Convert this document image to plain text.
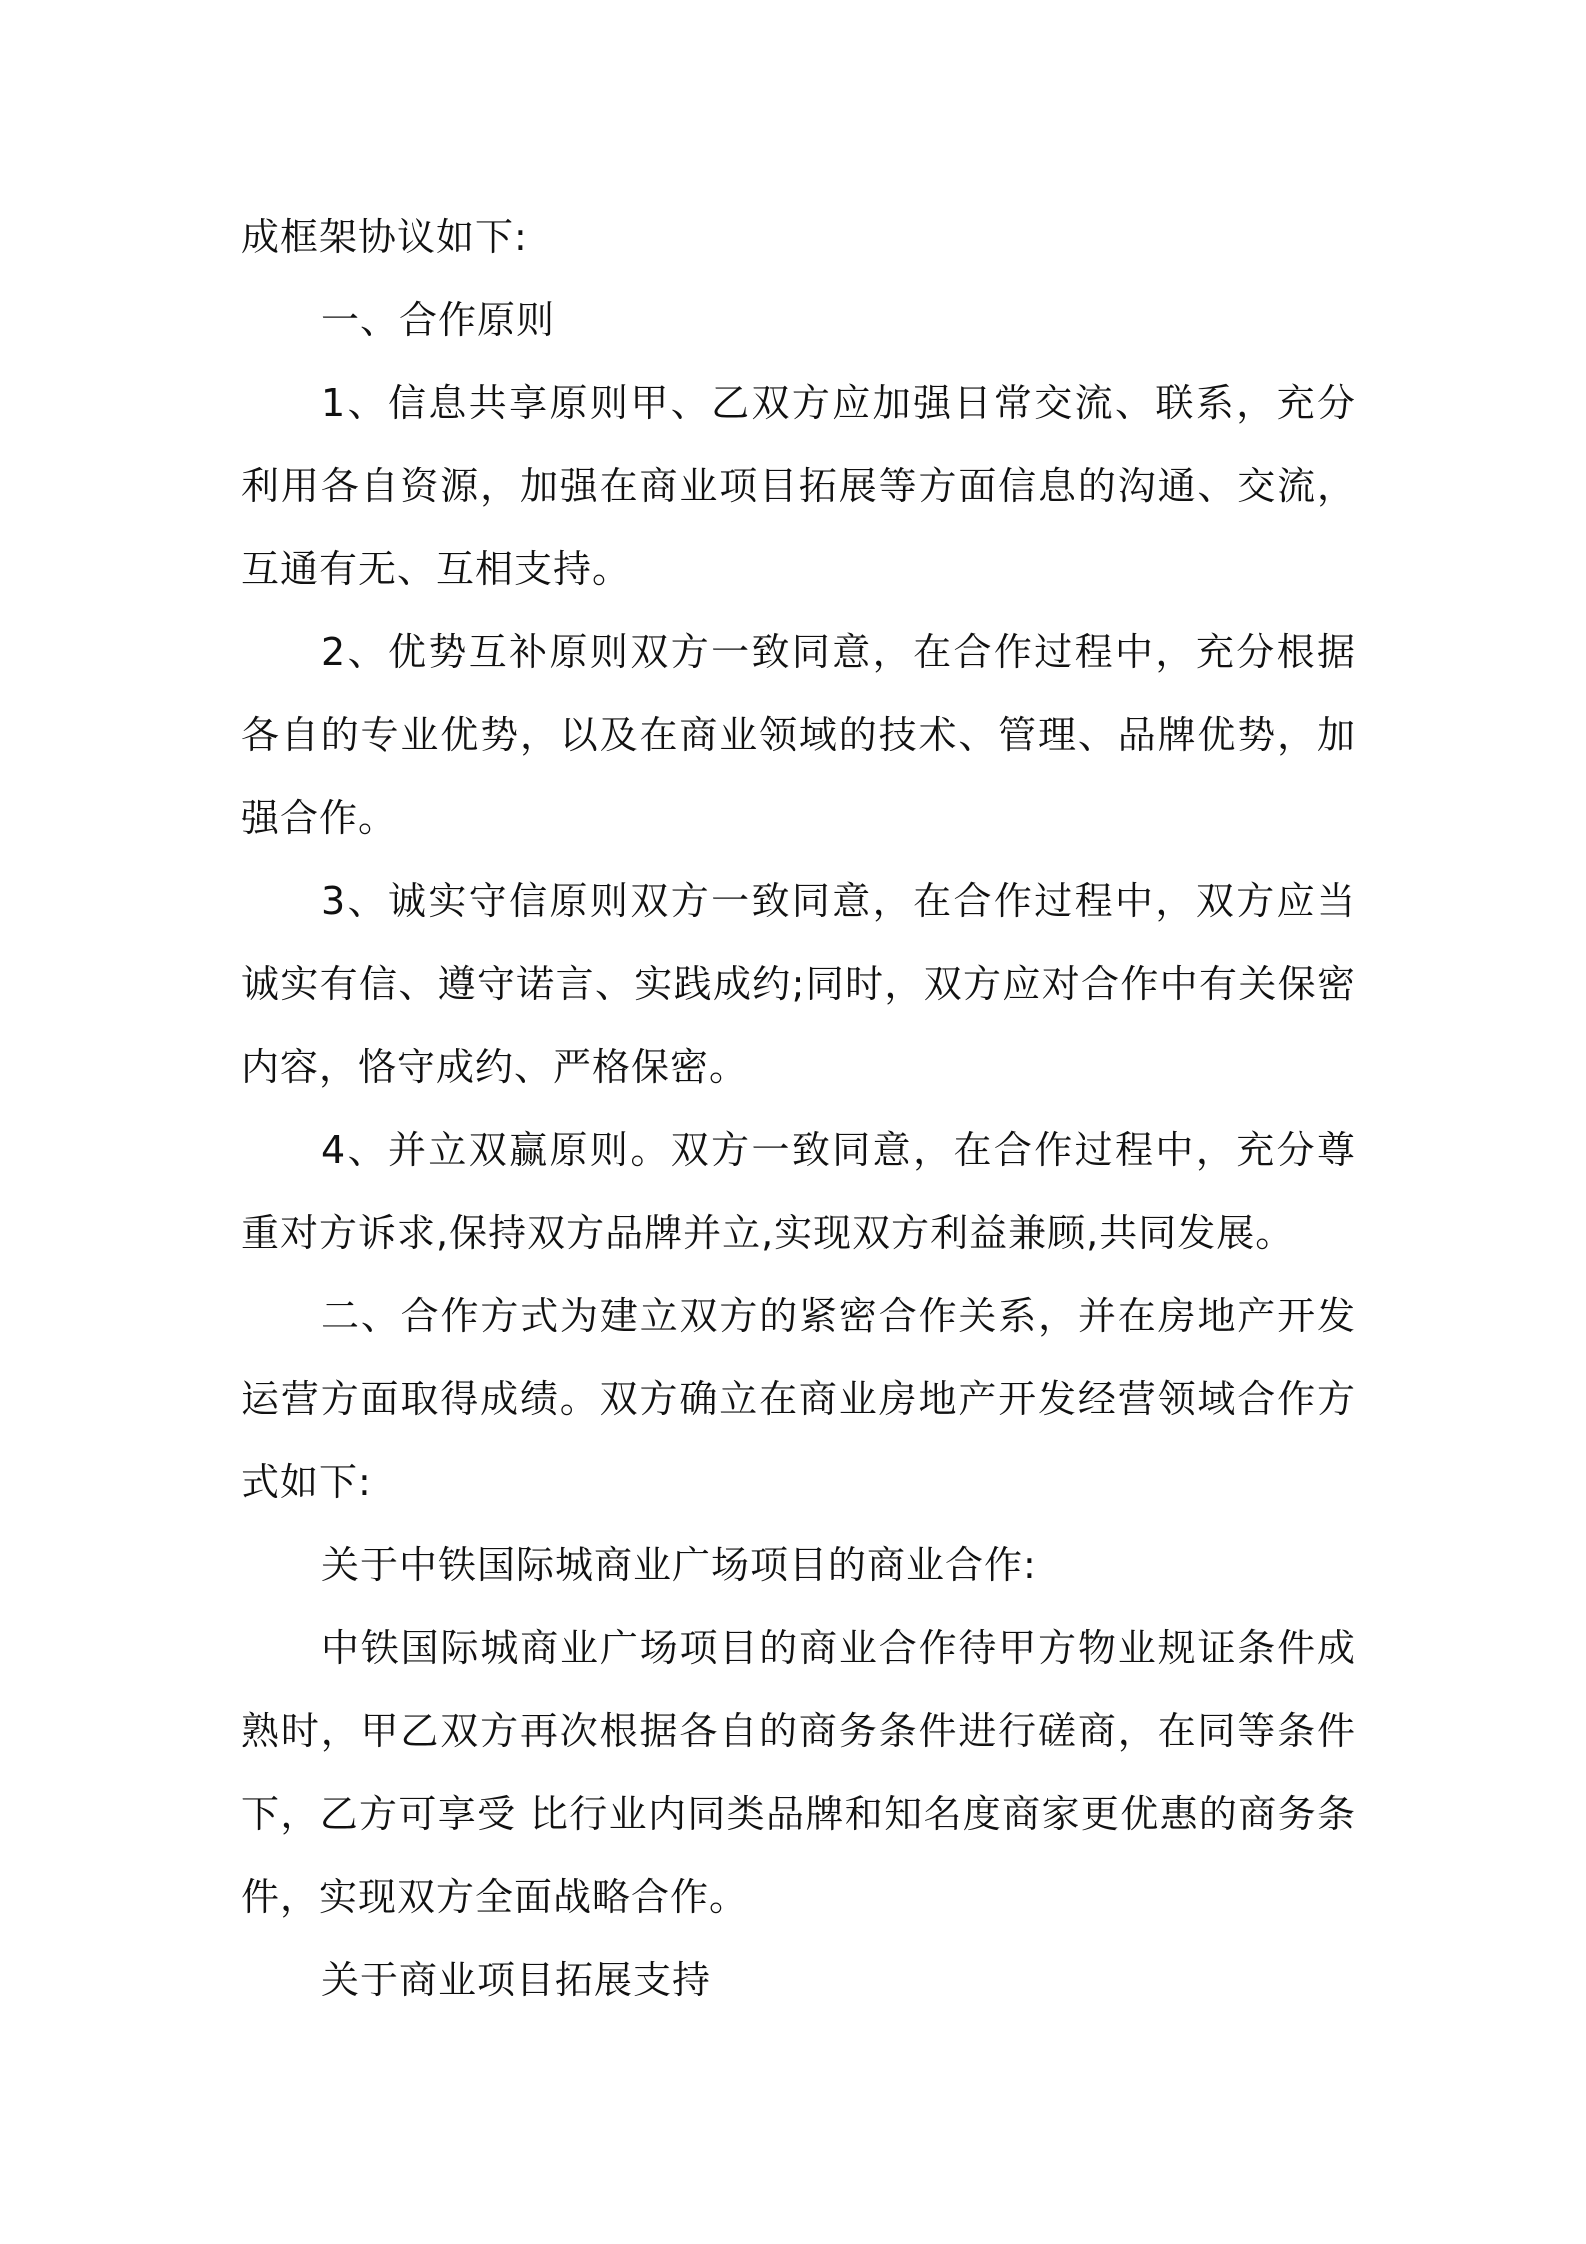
成框架协议如下:

一、合作原则

1、信息共享原则甲、乙双方应加强日常交流、联系，充分利用各自资源，加强在商业项目拓展等方面信息的沟通、交流，互通有无、互相支持。

2、优势互补原则双方一致同意，在合作过程中，充分根据各自的专业优势，以及在商业领域的技术、管理、品牌优势，加强合作。

3、诚实守信原则双方一致同意，在合作过程中，双方应当诚实有信、遵守诺言、实践成约;同时，双方应对合作中有关保密内容，恪守成约、严格保密。

4、并立双赢原则。双方一致同意，在合作过程中，充分尊重对方诉求,保持双方品牌并立,实现双方利益兼顾,共同发展。

二、合作方式为建立双方的紧密合作关系，并在房地产开发运营方面取得成绩。双方确立在商业房地产开发经营领域合作方式如下:

关于中铁国际城商业广场项目的商业合作:

中铁国际城商业广场项目的商业合作待甲方物业规证条件成熟时，甲乙双方再次根据各自的商务条件进行磋商，在同等条件下，乙方可享受 比行业内同类品牌和知名度商家更优惠的商务条件，实现双方全面战略合作。

关于商业项目拓展支持
